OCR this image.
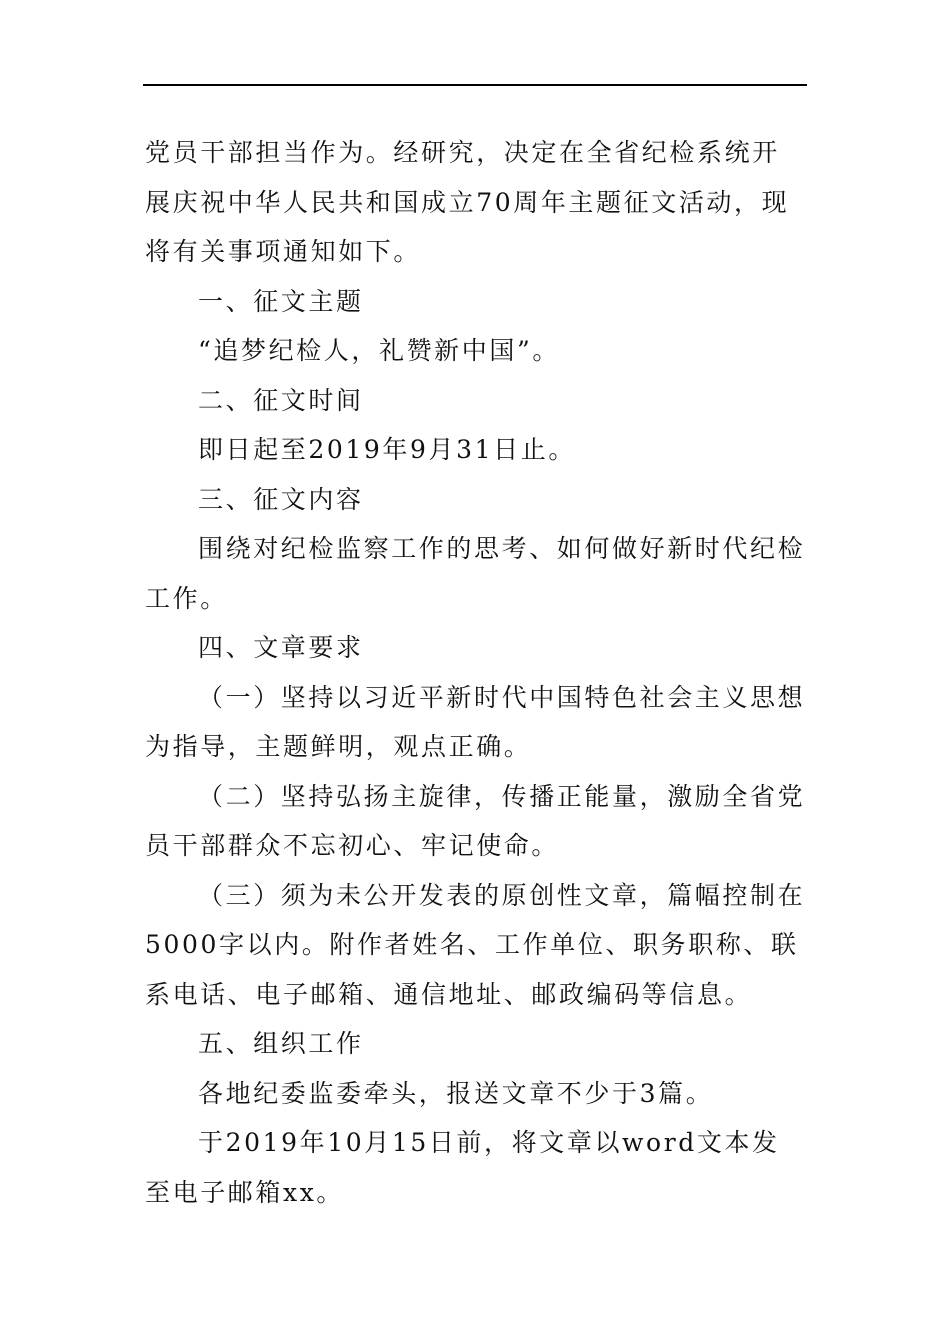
党员干部担当作为。经研究，决定在全省纪检系统开展庆祝中华人民共和国成立70周年主题征文活动，现将有关事项通知如下。

一、征文主题

“追梦纪检人，礼赞新中国”。

二、征文时间

即日起至2019年9月31日止。

三、征文内容

围绕对纪检监察工作的思考、如何做好新时代纪检工作。

四、文章要求

（一）坚持以习近平新时代中国特色社会主义思想为指导，主题鲜明，观点正确。

（二）坚持弘扬主旋律，传播正能量，激励全省党员干部群众不忘初心、牢记使命。

（三）须为未公开发表的原创性文章，篇幅控制在5000字以内。附作者姓名、工作单位、职务职称、联系电话、电子邮箱、通信地址、邮政编码等信息。

五、组织工作

各地纪委监委牵头，报送文章不少于3篇。

于2019年10月15日前，将文章以word文本发至电子邮箱xx。
